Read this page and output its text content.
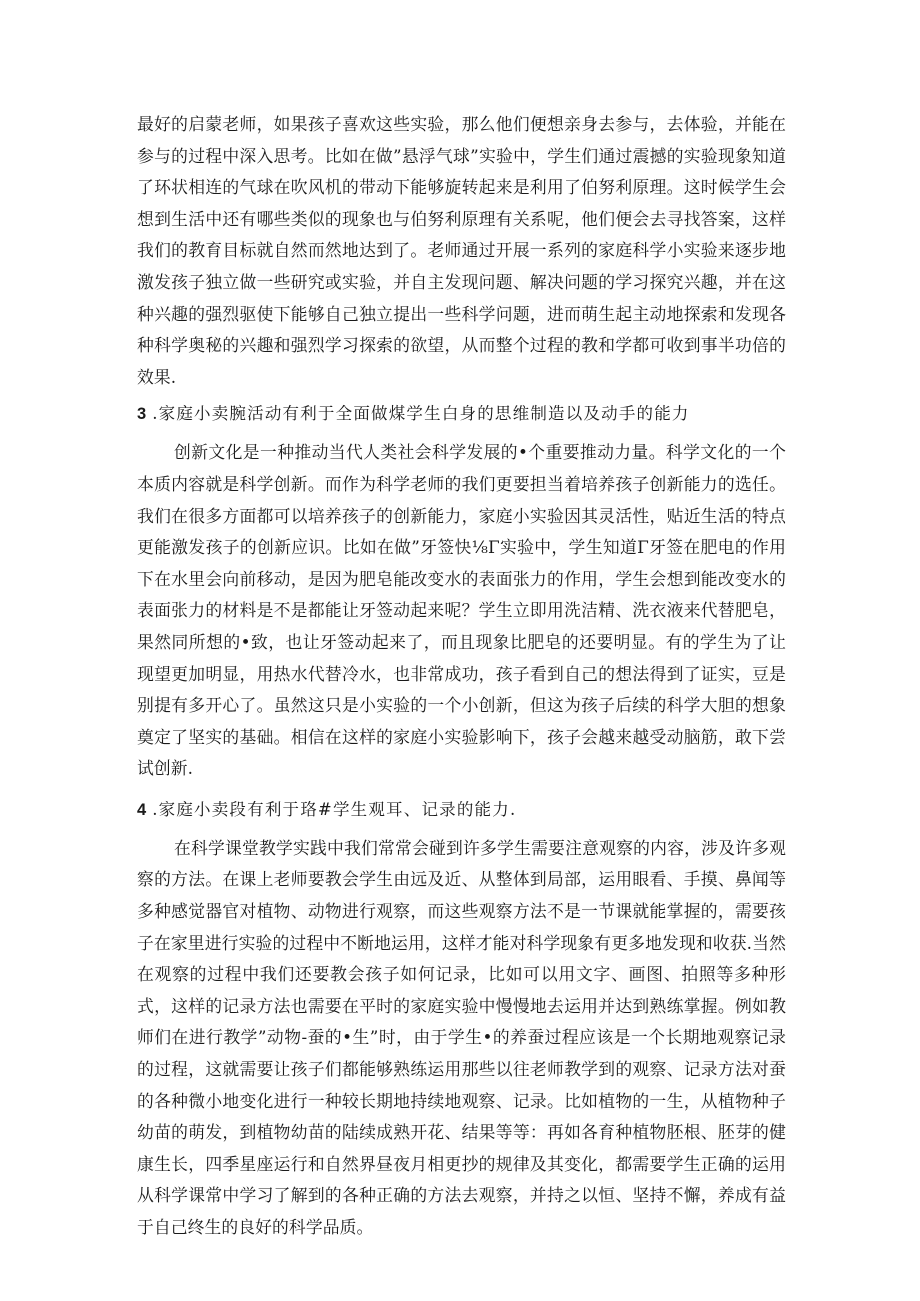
最好的启蒙老师，如果孩子喜欢这些实验，那么他们便想亲身去参与，去体验，并能在参与的过程中深入思考。比如在做”悬浮气球”实验中，学生们通过震撼的实验现象知道了环状相连的气球在吹风机的带动下能够旋转起来是利用了伯努利原理。这时候学生会想到生活中还有哪些类似的现象也与伯努利原理有关系呢，他们便会去寻找答案，这样我们的教育目标就自然而然地达到了。老师通过开展一系列的家庭科学小实验来逐步地激发孩子独立做一些研究或实验，并自主发现问题、解决问题的学习探究兴趣，并在这种兴趣的强烈驱使下能够自己独立提出一些科学问题，进而萌生起主动地探索和发现各种科学奥秘的兴趣和强烈学习探索的欲望，从而整个过程的教和学都可收到事半功倍的效果.

3 .家庭小卖腕活动有利于全面做煤学生白身的思维制造以及动手的能力

创新文化是一种推动当代人类社会科学发展的•个重要推动力量。科学文化的一个本质内容就是科学创新。而作为科学老师的我们更要担当着培养孩子创新能力的选任。我们在很多方面都可以培养孩子的创新能力，家庭小实验因其灵活性，贴近生活的特点更能激发孩子的创新应识。比如在做”牙签快⅛Γ实验中，学生知道Γ牙签在肥电的作用下在水里会向前移动，是因为肥皂能改变水的表面张力的作用，学生会想到能改变水的表面张力的材料是不是都能让牙签动起来呢？学生立即用洗洁精、洗衣液来代替肥皂，果然同所想的•致，也让牙签动起来了，而且现象比肥皂的还要明显。有的学生为了让现望更加明显，用热水代替冷水，也非常成功，孩子看到自己的想法得到了证实，豆是别提有多开心了。虽然这只是小实验的一个小创新，但这为孩子后续的科学大胆的想象奠定了坚实的基础。相信在这样的家庭小实验影响下，孩子会越来越受动脑筋，敢下尝试创新.

4 .家庭小卖段有利于珞#学生观耳、记录的能力.

在科学课堂教学实践中我们常常会碰到许多学生需要注意观察的内容，涉及许多观察的方法。在课上老师要教会学生由远及近、从整体到局部，运用眼看、手摸、鼻闻等多种感觉器官对植物、动物进行观察，而这些观察方法不是一节课就能掌握的，需要孩子在家里进行实验的过程中不断地运用，这样才能对科学现象有更多地发现和收获.当然在观察的过程中我们还要教会孩子如何记录，比如可以用文字、画图、拍照等多种形式，这样的记录方法也需要在平时的家庭实验中慢慢地去运用并达到熟练掌握。例如教师们在进行教学”动物-蚕的•生”时，由于学生•的养蚕过程应该是一个长期地观察记录的过程，这就需要让孩子们都能够熟练运用那些以往老师教学到的观察、记录方法对蚕的各种微小地变化进行一种较长期地持续地观察、记录。比如植物的一生，从植物种子幼苗的萌发，到植物幼苗的陆续成熟开花、结果等等：再如各育种植物胚根、胚芽的健康生长，四季星座运行和自然界昼夜月相更抄的规律及其变化，都需要学生正确的运用从科学课常中学习了解到的各种正确的方法去观察，并持之以恒、坚持不懈，养成有益于自己终生的良好的科学品质。
